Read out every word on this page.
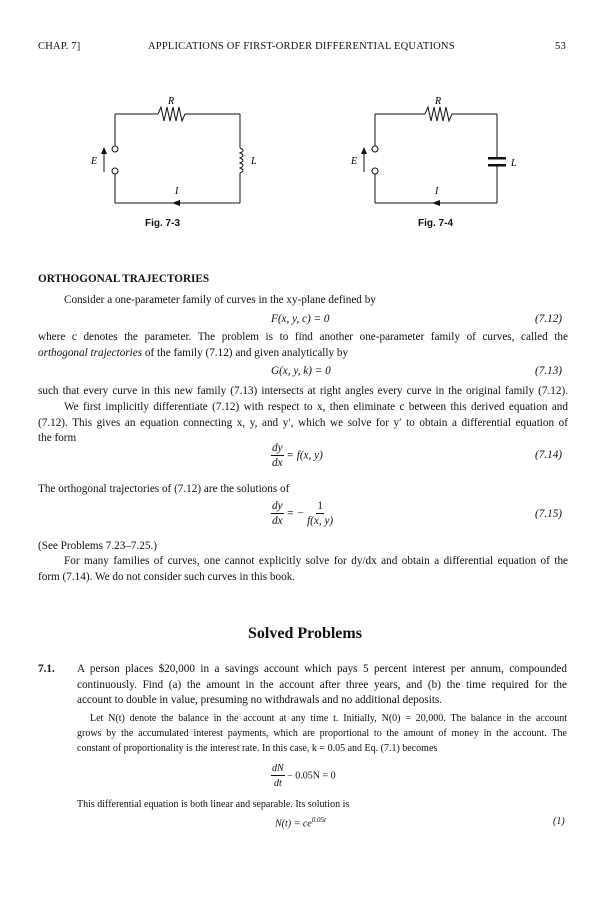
CHAP. 7]	APPLICATIONS OF FIRST-ORDER DIFFERENTIAL EQUATIONS	53
R
E	L
I
Fig. 7-3
R
E	L
I
Fig. 7-4
ORTHOGONAL TRAJECTORIES
Consider a one-parameter family of curves in the xy-plane defined by
F(x, y, c) = 0	(7.12)
where c denotes the parameter. The problem is to find another one-parameter family of curves, called the
orthogonal trajectories of the family (7.12) and given analytically by
G(x, y, k) = 0	(7.13)
such that every curve in this new family (7.13) intersects at right angles every curve in the original family (7.12).
We first implicitly differentiate (7.12) with respect to x, then eliminate c between this derived equation and
(7.12). This gives an equation connecting x, y, and y′, which we solve for y′ to obtain a differential equation of
the form
$\frac{dy}{dx} = f(x$, y)	(7.14)
The orthogonal trajectories of (7.12) are the solutions of
$\frac{dy}{dx}$ = − $\frac{1}{f(x, y)}$	(7.15)
(See Problems 7.23–7.25.)
For many families of curves, one cannot explicitly solve for dy/dx and obtain a differential equation of the
form (7.14). We do not consider such curves in this book.
Solved Problems
7.1. A person places $20,000 in a savings account which pays 5 percent interest per annum, compounded
continuously. Find (a) the amount in the account after three years, and (b) the time required for the
account to double in value, presuming no withdrawals and no additional deposits.
Let N(t) denote the balance in the account at any time t. Initially, N(0) = 20,000. The balance in the account
grows by the accumulated interest payments, which are proportional to the amount of money in the account. The
constant of proportionality is the interest rate. In this case, k = 0.05 and Eq. (7.1) becomes
$\frac{dN}{dt} - 0.05N = 0$
This differential equation is both linear and separable. Its solution is
$N(t) = ce^{0.05t}$	(1)
